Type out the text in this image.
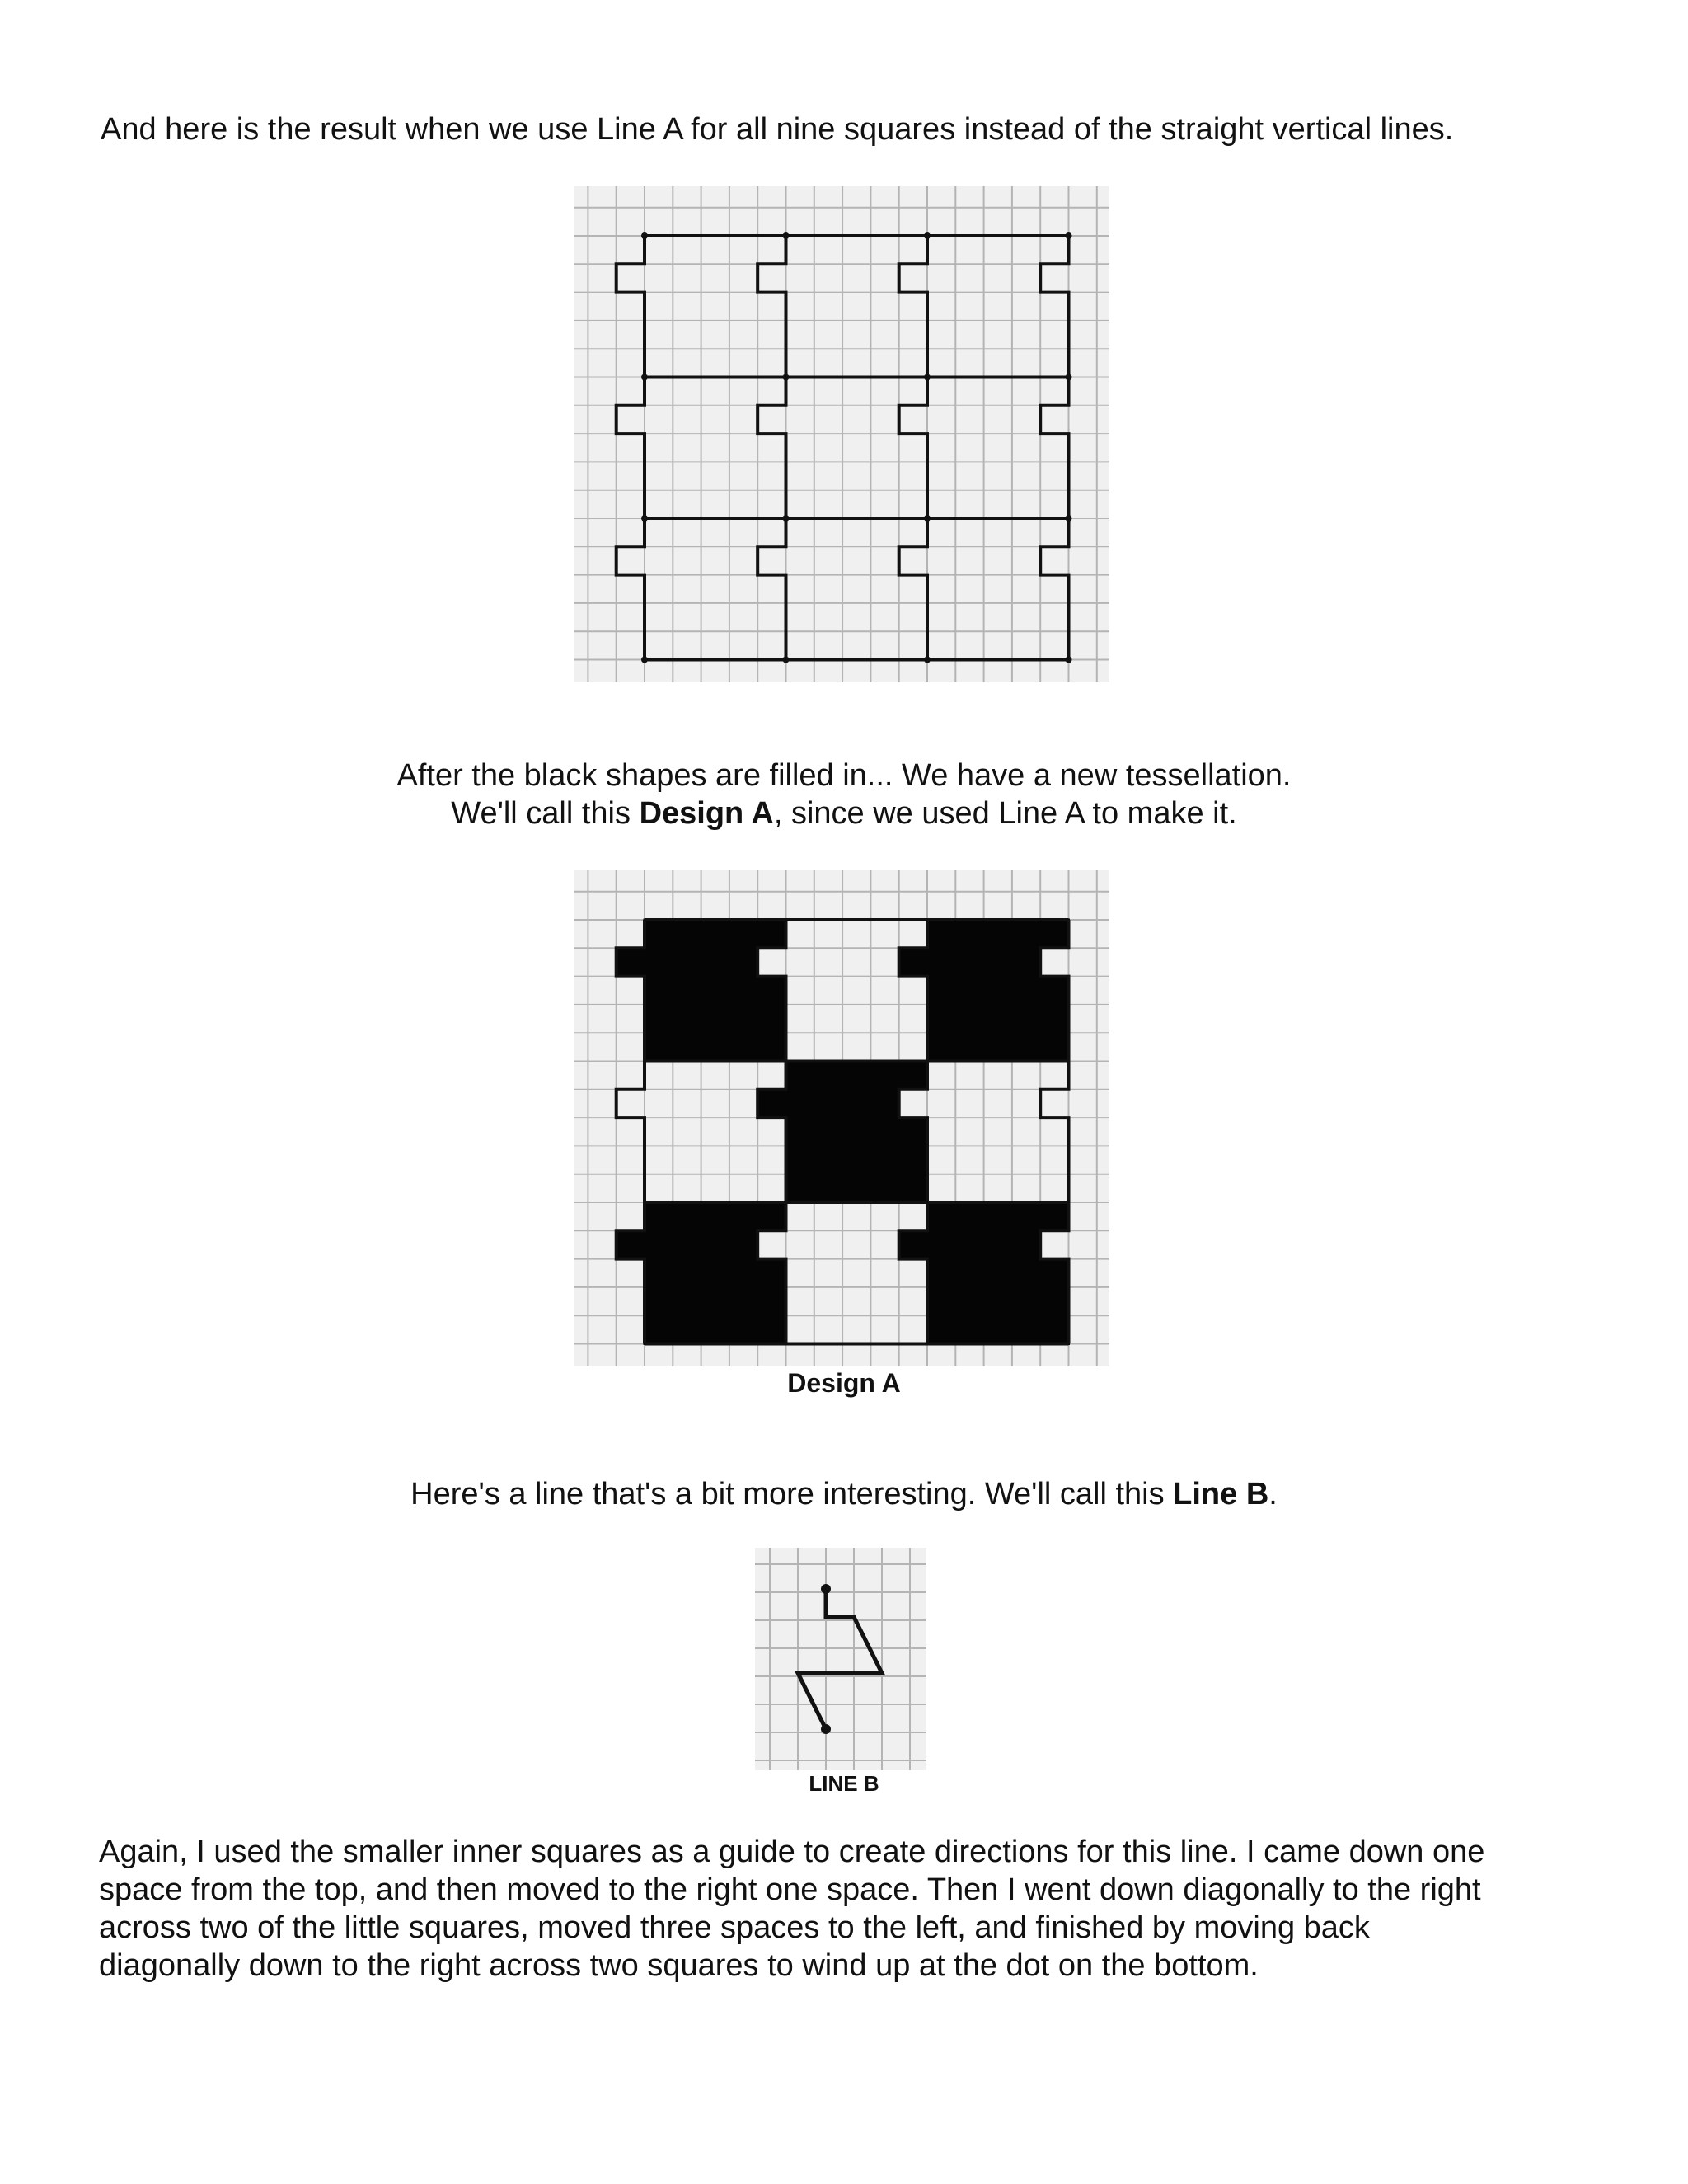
And here is the result when we use Line A for all nine squares instead of the straight vertical lines.
After the black shapes are filled in... We have a new tessellation.
We'll call this Design A, since we used Line A to make it.
Design A
Here's a line that's a bit more interesting. We'll call this Line B.
LINE B
Again, I used the smaller inner squares as a guide to create directions for this line. I came down one
space from the top, and then moved to the right one space. Then I went down diagonally to the right
across two of the little squares, moved three spaces to the left, and finished by moving back
diagonally down to the right across two squares to wind up at the dot on the bottom.
